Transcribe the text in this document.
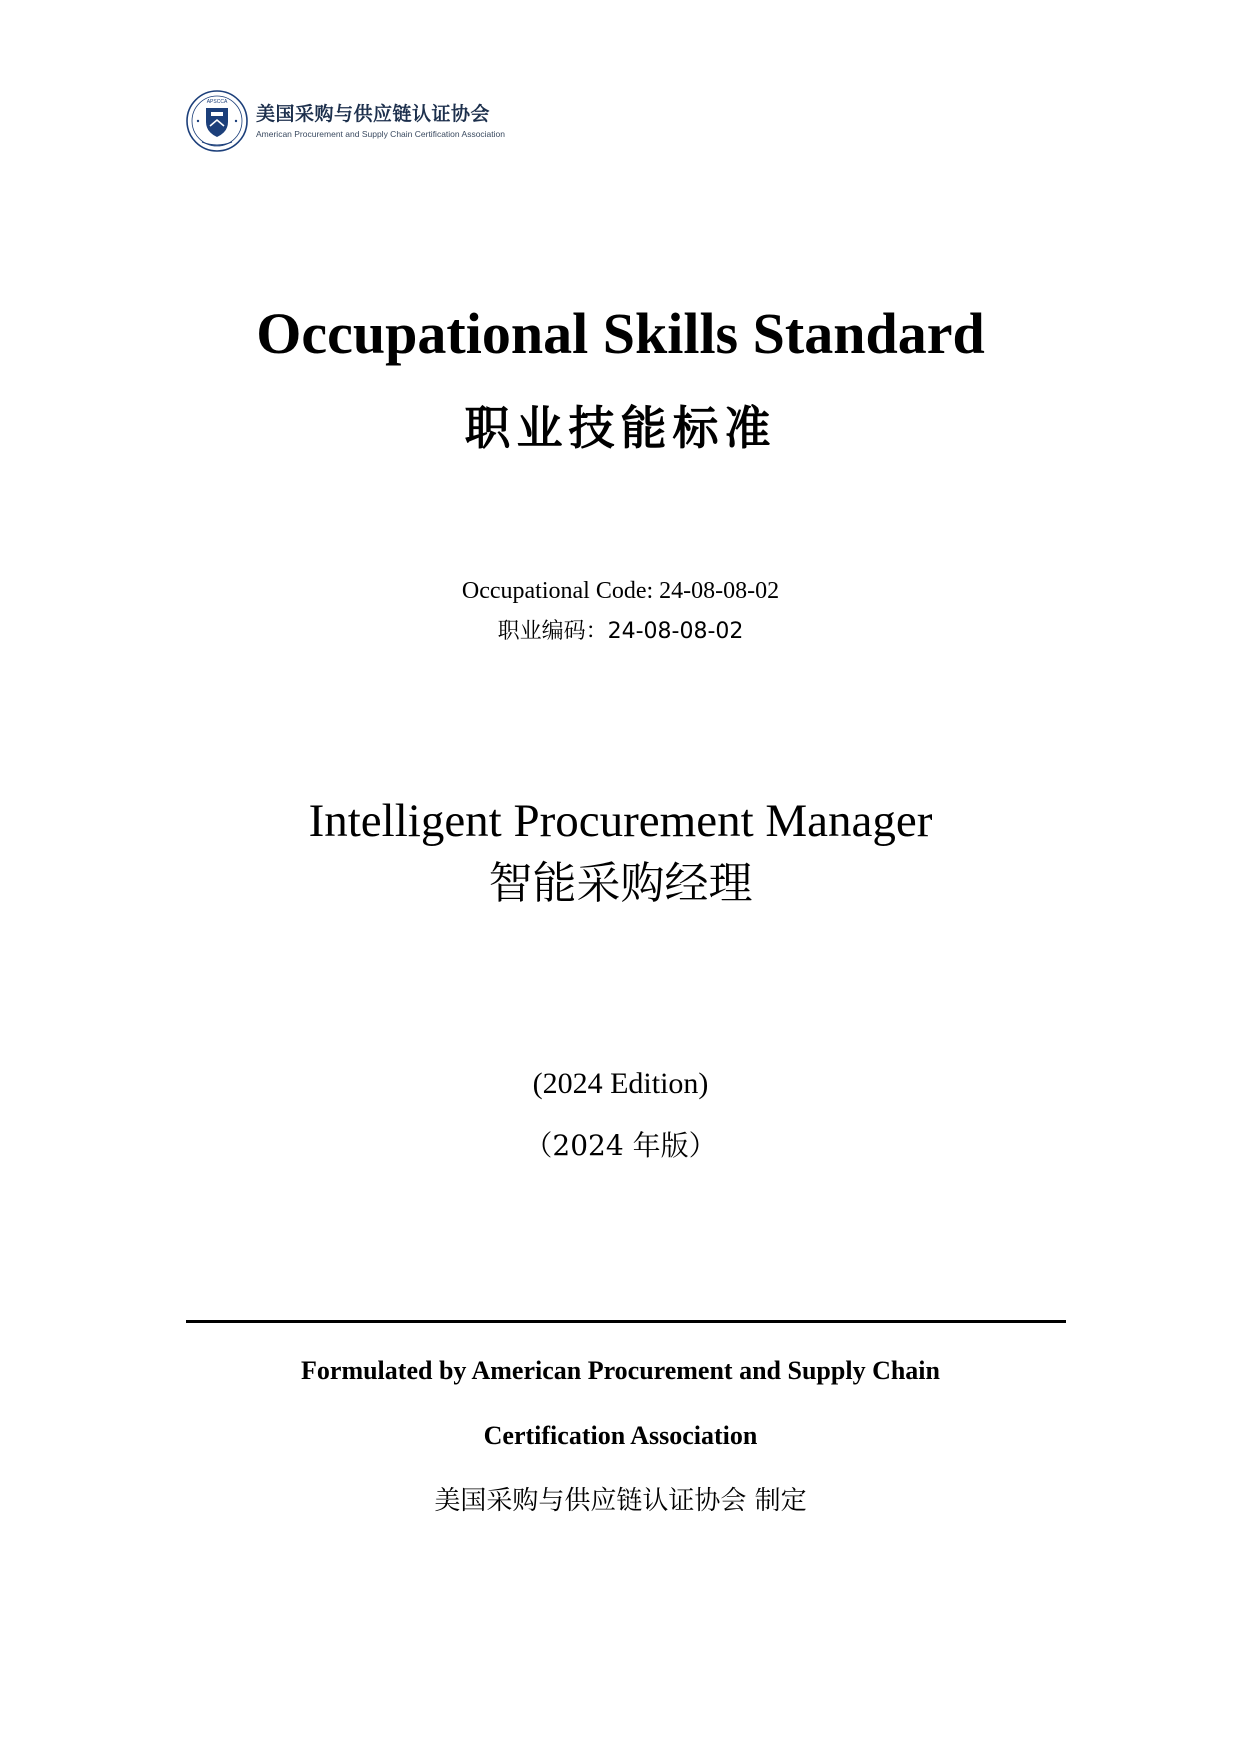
APSCCA
美国采购与供应链认证协会
American Procurement and Supply Chain Certification Association
Occupational Skills Standard
职业技能标准
Occupational Code: 24-08-08-02
职业编码：24-08-08-02
Intelligent Procurement Manager
智能采购经理
(2024 Edition)
（2024 年版）
Formulated by American Procurement and Supply Chain
Certification Association
美国采购与供应链认证协会 制定
